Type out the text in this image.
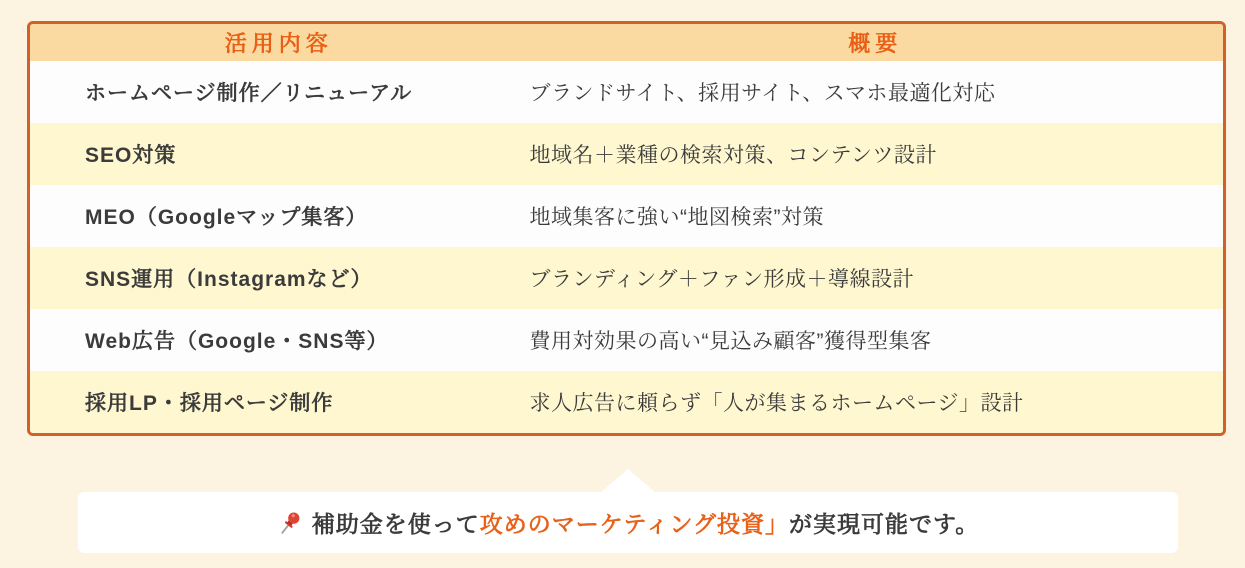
活用内容	概要
ホームページ制作／リニューアル	ブランドサイト、採用サイト、スマホ最適化対応
SEO対策	地域名＋業種の検索対策、コンテンツ設計
MEO（Googleマップ集客）	地域集客に強い“地図検索”対策
SNS運用（Instagramなど）	ブランディング＋ファン形成＋導線設計
Web広告（Google・SNS等）	費用対効果の高い“見込み顧客”獲得型集客
採用LP・採用ページ制作	求人広告に頼らず「人が集まるホームページ」設計
補助金を使って攻めのマーケティング投資」が実現可能です。
